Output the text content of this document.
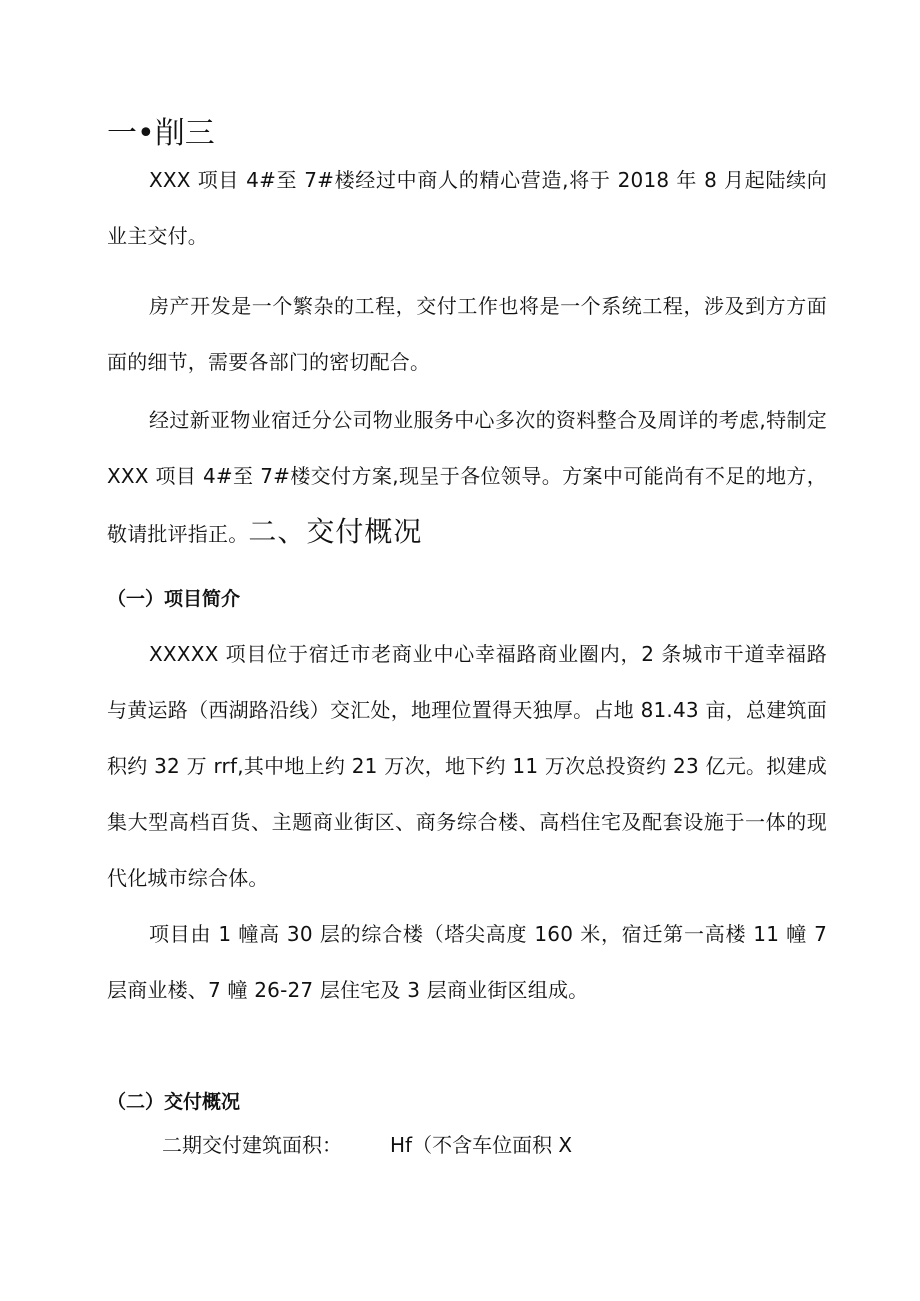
一•削三

XXX 项目 4#至 7#楼经过中商人的精心营造,将于 2018 年 8 月起陆续向业主交付。

房产开发是一个繁杂的工程，交付工作也将是一个系统工程，涉及到方方面面的细节，需要各部门的密切配合。

经过新亚物业宿迁分公司物业服务中心多次的资料整合及周详的考虑,特制定 XXX 项目 4#至 7#楼交付方案,现呈于各位领导。方案中可能尚有不足的地方，敬请批评指正。二、交付概况

（一）项目简介

XXXXX 项目位于宿迁市老商业中心幸福路商业圈内，2 条城市干道幸福路与黄运路（西湖路沿线）交汇处，地理位置得天独厚。占地 81.43 亩，总建筑面积约 32 万 rrf,其中地上约 21 万次，地下约 11 万次总投资约 23 亿元。拟建成集大型高档百货、主题商业街区、商务综合楼、高档住宅及配套设施于一体的现代化城市综合体。

项目由 1 幢高 30 层的综合楼（塔尖高度 160 米，宿迁第一高楼 11 幢 7 层商业楼、7 幢 26-27 层住宅及 3 层商业街区组成。

（二）交付概况
二期交付建筑面积： Hf（不含车位面积 X
